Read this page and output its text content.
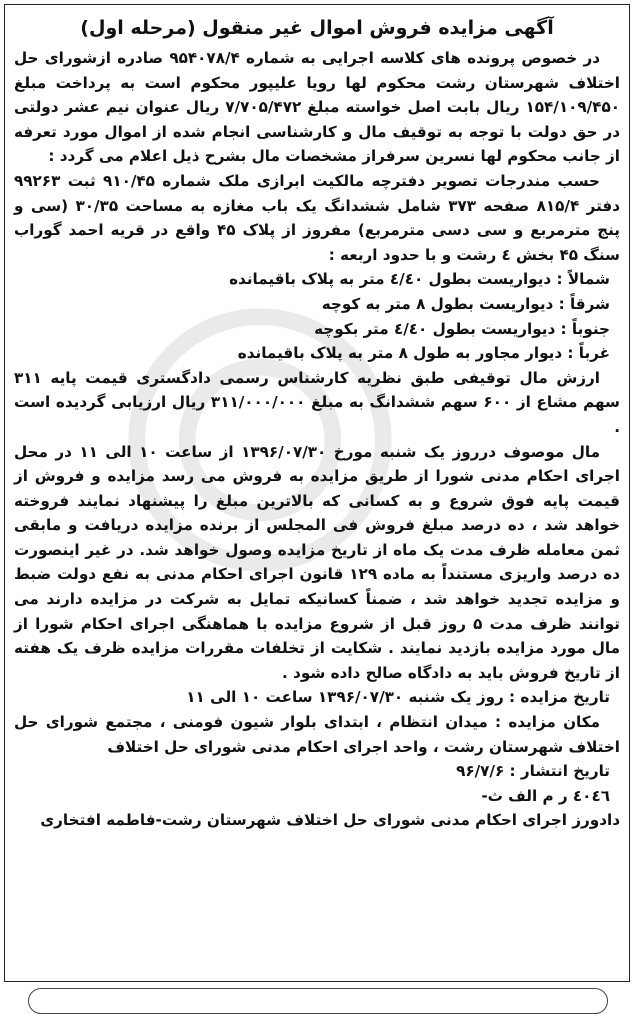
آگهی مزایده فروش اموال غیر منقول (مرحله اول)

در خصوص پرونده های کلاسه اجرایی به شماره ۹۵۴۰۷۸/۴ صادره ازشورای حل اختلاف شهرستان رشت محکوم لها رویا علیپور محکوم است به پرداخت مبلغ ۱۵۴/۱۰۹/۴۵۰ ریال بابت اصل خواسته مبلغ ۷/۷۰۵/۴۷۲ ریال عنوان نیم عشر دولتی در حق دولت با توجه به توقیف مال و کارشناسی انجام شده از اموال مورد تعرفه از جانب محکوم لها نسرین سرفراز مشخصات مال بشرح ذیل اعلام می گردد :

حسب مندرجات تصویر دفترچه مالکیت ابرازی ملک شماره ۹۱۰/۴۵ ثبت ۹۹۲۶۳ دفتر ۸۱۵/۴ صفحه ۳۷۳ شامل ششدانگ یک باب مغازه به مساحت ۳۰/۳۵ (سی و پنج مترمربع و سی دسی مترمربع) مفروز از پلاک ۴۵ واقع در قریه احمد گوراب سنگ ۴۵ بخش ٤ رشت و با حدود اربعه :

شمالاً : دیواریست بطول ٤/٤٠ متر به پلاک باقیمانده
شرقاً : دیواریست بطول ۸ متر به کوچه
جنوباً : دیواریست بطول ٤/٤٠ متر بکوچه
غرباً : دیوار مجاور به طول ۸ متر به پلاک باقیمانده

ارزش مال توقیفی طبق نظریه کارشناس رسمی دادگستری قیمت پایه ۳۱۱ سهم مشاع از ۶۰۰ سهم ششدانگ به مبلغ ۳۱۱/۰۰۰/۰۰۰ ریال ارزیابی گردیده است .

مال موصوف درروز یک شنبه مورخ ۱۳۹۶/۰۷/۳۰ از ساعت ۱۰ الی ۱۱ در محل اجرای احکام مدنی شورا از طریق مزایده به فروش می رسد مزایده و فروش از قیمت پایه فوق شروع و به کسانی که بالاترین مبلغ را پیشنهاد نمایند فروخته خواهد شد ، ده درصد مبلغ فروش فی المجلس از برنده مزایده دریافت و مابقی ثمن معامله ظرف مدت یک ماه از تاریخ مزایده وصول خواهد شد. در غیر اینصورت ده درصد واریزی مستنداً به ماده ۱۲۹ قانون اجرای احکام مدنی به نفع دولت ضبط و مزایده تجدید خواهد شد ، ضمناً کسانیکه تمایل به شرکت در مزایده دارند می توانند ظرف مدت ۵ روز قبل از شروع مزایده با هماهنگی اجرای احکام شورا از مال مورد مزایده بازدید نمایند . شکایت از تخلفات مقررات مزایده ظرف یک هفته از تاریخ فروش باید به دادگاه صالح داده شود .

تاریخ مزایده : روز یک شنبه ۱۳۹۶/۰۷/۳۰ ساعت ۱۰ الی ۱۱

مکان مزایده : میدان انتظام ، ابتدای بلوار شیون فومنی ، مجتمع شورای حل اختلاف شهرستان رشت ، واحد اجرای احکام مدنی شورای حل اختلاف

تاریخ انتشار : ۹۶/۷/۶
٤٠٤٦ ر م الف ث-
دادورز اجرای احکام مدنی شورای حل اختلاف شهرستان رشت-فاطمه افتخاری
